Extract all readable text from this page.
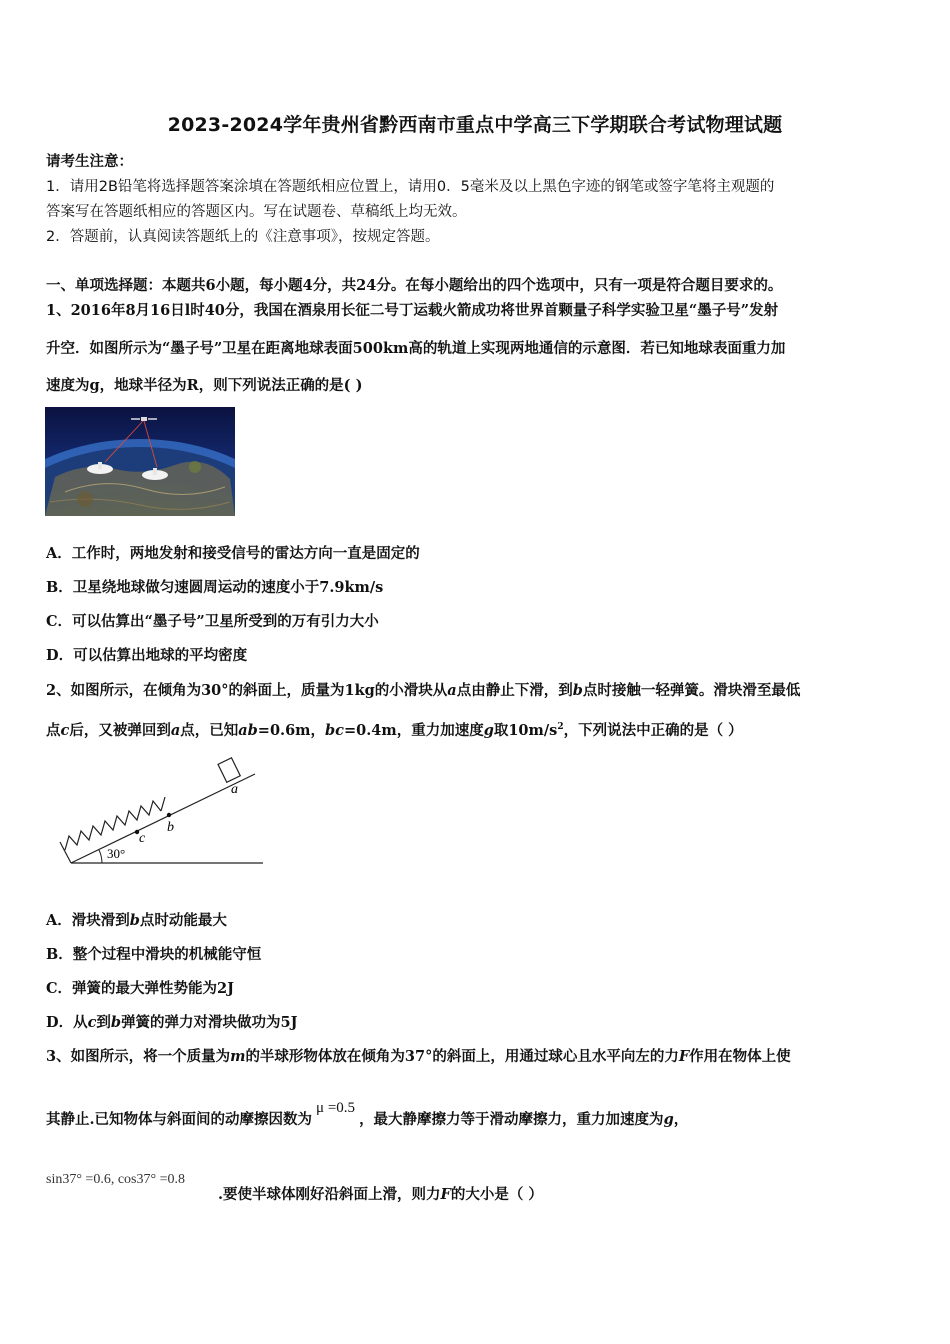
2023-2024学年贵州省黔西南市重点中学高三下学期联合考试物理试题
请考生注意：
1．请用2B铅笔将选择题答案涂填在答题纸相应位置上，请用0．5毫米及以上黑色字迹的钢笔或签字笔将主观题的
答案写在答题纸相应的答题区内。写在试题卷、草稿纸上均无效。
2．答题前，认真阅读答题纸上的《注意事项》，按规定答题。
一、单项选择题：本题共6小题，每小题4分，共24分。在每小题给出的四个选项中，只有一项是符合题目要求的。
1、2016年8月16日l时40分，我国在酒泉用长征二号丁运载火箭成功将世界首颗量子科学实验卫星“墨子号”发射
升空．如图所示为“墨子号”卫星在距离地球表面500km高的轨道上实现两地通信的示意图．若已知地球表面重力加
速度为g，地球半径为R，则下列说法正确的是( )
A．工作时，两地发射和接受信号的雷达方向一直是固定的
B．卫星绕地球做匀速圆周运动的速度小于7.9km/s
C．可以估算出“墨子号”卫星所受到的万有引力大小
D．可以估算出地球的平均密度
2、如图所示，在倾角为30°的斜面上，质量为1kg的小滑块从a点由静止下滑，到b点时接触一轻弹簧。滑块滑至最低
点c后，又被弹回到a点，已知ab=0.6m，bc=0.4m，重力加速度g取$10m/s^2$，下列说法中正确的是（ ）
c
b
a
30°
A．滑块滑到b点时动能最大
B．整个过程中滑块的机械能守恒
C．弹簧的最大弹性势能为2J
D．从c到b弹簧的弹力对滑块做功为5J
3、如图所示，将一个质量为m的半球形物体放在倾角为37°的斜面上，用通过球心且水平向左的力F作用在物体上使
其静止.已知物体与斜面间的动摩擦因数为μ =0.5，最大静摩擦力等于滑动摩擦力，重力加速度为g，
sin37° =0.6, cos37° =0.8
.要使半球体刚好沿斜面上滑，则力F的大小是（ ）
